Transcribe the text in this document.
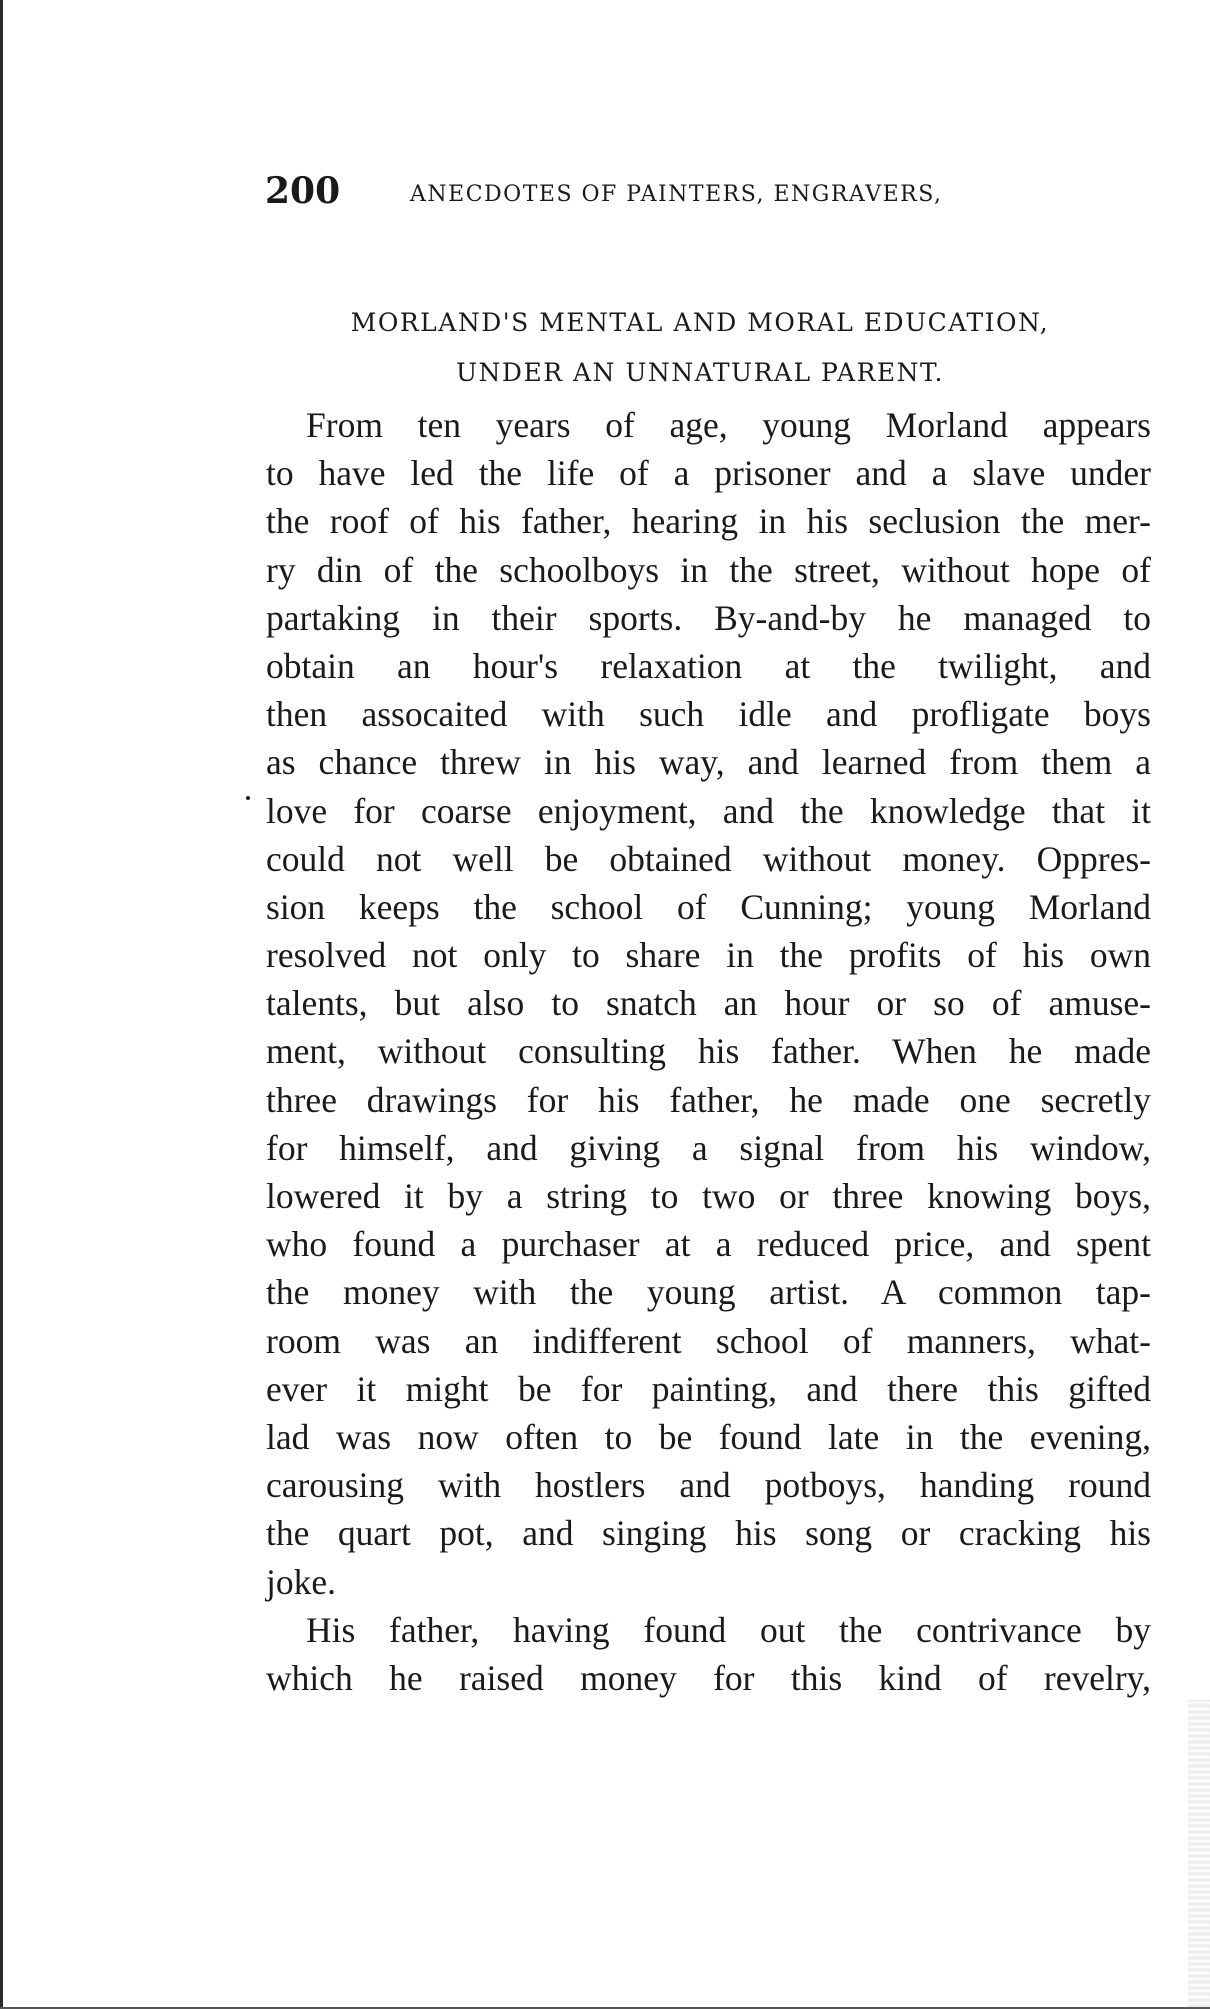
200	ANECDOTES OF PAINTERS, ENGRAVERS,
MORLAND'S MENTAL AND MORAL EDUCATION,
UNDER AN UNNATURAL PARENT.

From ten years of age, young Morland appears
to have led the life of a prisoner and a slave under
the roof of his father, hearing in his seclusion the mer-
ry din of the schoolboys in the street, without hope of
partaking in their sports. By-and-by he managed to
obtain an hour's relaxation at the twilight, and
then assocaited with such idle and profligate boys
as chance threw in his way, and learned from them a
love for coarse enjoyment, and the knowledge that it
could not well be obtained without money. Oppres-
sion keeps the school of Cunning; young Morland
resolved not only to share in the profits of his own
talents, but also to snatch an hour or so of amuse-
ment, without consulting his father. When he made
three drawings for his father, he made one secretly
for himself, and giving a signal from his window,
lowered it by a string to two or three knowing boys,
who found a purchaser at a reduced price, and spent
the money with the young artist. A common tap-
room was an indifferent school of manners, what-
ever it might be for painting, and there this gifted
lad was now often to be found late in the evening,
carousing with hostlers and potboys, handing round
the quart pot, and singing his song or cracking his
joke.

His father, having found out the contrivance by
which he raised money for this kind of revelry,
